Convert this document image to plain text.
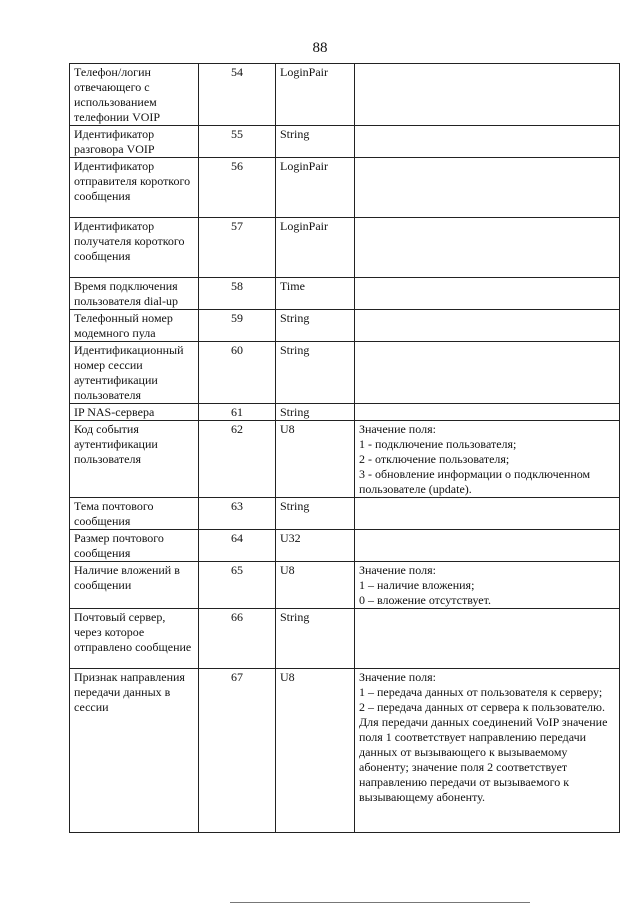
88
Телефон/логин отвечающего с использованием телефонии VOIP	54	LoginPair	
Идентификатор разговора VOIP	55	String	
Идентификатор отправителя короткого сообщения	56	LoginPair	
Идентификатор получателя короткого сообщения	57	LoginPair	
Время подключения пользователя dial-up	58	Time	
Телефонный номер модемного пула	59	String	
Идентификационный номер сессии аутентификации пользователя	60	String	
IP NAS-сервера	61	String	
Код события аутентификации пользователя	62	U8	Значение поля:
1 - подключение пользователя;
2 - отключение пользователя;
3 - обновление информации о подключенном пользователе (update).

Тема почтового сообщения	63	String	
Размер почтового сообщения	64	U32	
Наличие вложений в сообщении	65	U8	Значение поля:
1 – наличие вложения;
0 – вложение отсутствует.

Почтовый сервер, через которое отправлено сообщение	66	String	
Признак направления передачи данных в сессии	67	U8	Значение поля:
1 – передача данных от пользователя к серверу;
2 – передача данных от сервера к пользователю.
Для передачи данных соединений VoIP значение поля 1 соответствует направлению передачи данных от вызывающего к вызываемому абоненту; значение поля 2 соответствует направлению передачи от вызываемого к вызывающему абоненту.
